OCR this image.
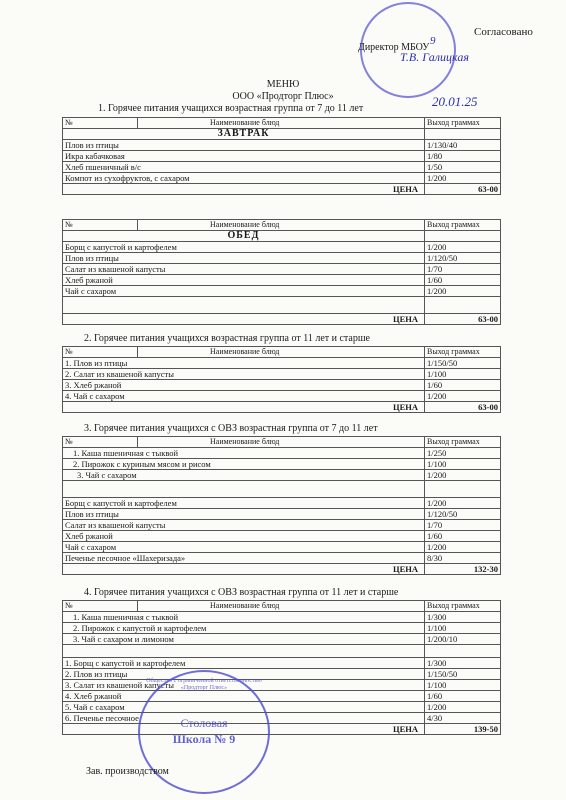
Согласовано
Директор МБОУ
9
Т.В. Галицкая
20.01.25
МЕНЮ
ООО «Продторг Плюс»
1. Горячее питания учащихся возрастная группа от 7 до 11 лет
№	Наименование блюд	Выход граммах
ЗАВТРАК		
Плов из птицы		1/130/40
Икра кабачковая		1/80
Хлеб пшеничный в/с		1/50
Компот из сухофруктов, с сахаром		1/200
ЦЕНА		63-00
№	Наименование блюд	Выход граммах
ОБЕД		
Борщ с капустой и картофелем		1/200
Плов из птицы		1/120/50
Салат из квашеной капусты		1/70
Хлеб ржаной		1/60
Чай с сахаром		1/200

ЦЕНА		63-00
2. Горячее питания учащихся возрастная группа от 11 лет и старше
№	Наименование блюд	Выход граммах
1. Плов из птицы		1/150/50
2. Салат из квашеной капусты		1/100
3. Хлеб ржаной		1/60
4. Чай с сахаром		1/200
ЦЕНА		63-00
3. Горячее питания учащихся с ОВЗ возрастная группа от 7 до 11 лет
№	Наименование блюд	Выход граммах
1. Каша пшеничная с тыквой		1/250
2. Пирожок с куриным мясом и рисом		1/100
3. Чай с сахаром		1/200

Борщ с капустой и картофелем		1/200
Плов из птицы		1/120/50
Салат из квашеной капусты		1/70
Хлеб ржаной		1/60
Чай с сахаром		1/200
Печенье песочное «Шахеризада»		8/30
ЦЕНА		132-30
4. Горячее питания учащихся с ОВЗ возрастная группа от 11 лет и старше
№	Наименование блюд	Выход граммах
1. Каша пшеничная с тыквой		1/300
2. Пирожок с капустой и картофелем		1/100
3. Чай с сахаром и лимоном		1/200/10

1. Борщ с капустой и картофелем		1/300
2. Плов из птицы		1/150/50
3. Салат из квашеной капусты		1/100
4. Хлеб ржаной		1/60
5. Чай с сахаром		1/200
6. Печенье песочное		4/30
ЦЕНА		139-50
Общество с ограниченной ответственностью «Продторг Плюс»
Столовая
Школа № 9
Зав. производством
